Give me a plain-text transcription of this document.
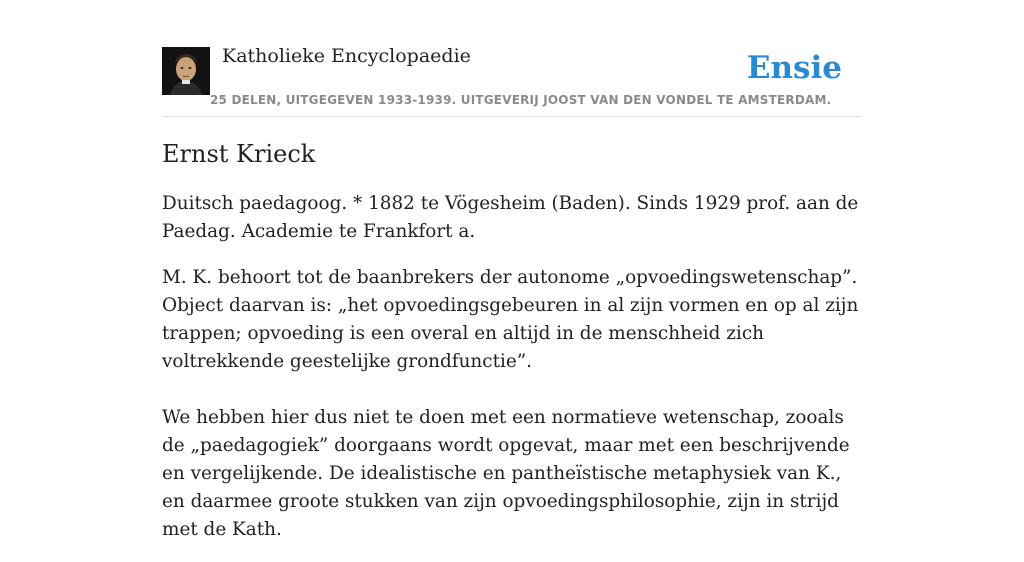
Katholieke Encyclopaedie
25 DELEN, UITGEGEVEN 1933-1939. UITGEVERIJ JOOST VAN DEN VONDEL TE AMSTERDAM.
Ensie
Ernst Krieck

Duitsch paedagoog. * 1882 te Vögesheim (Baden). Sinds 1929 prof. aan de Paedag. Academie te Frankfort a.

M. K. behoort tot de baanbrekers der autonome „opvoedingswetenschap”. Object daarvan is: „het opvoedingsgebeuren in al zijn vormen en op al zijn trappen; opvoeding is een overal en altijd in de menschheid zich voltrekkende geestelijke grondfunctie”.

We hebben hier dus niet te doen met een normatieve wetenschap, zooals de „paedagogiek” doorgaans wordt opgevat, maar met een beschrijvende en vergelijkende. De idealistische en pantheïstische metaphysiek van K., en daarmee groote stukken van zijn opvoedingsphilosophie, zijn in strijd met de Kath.
